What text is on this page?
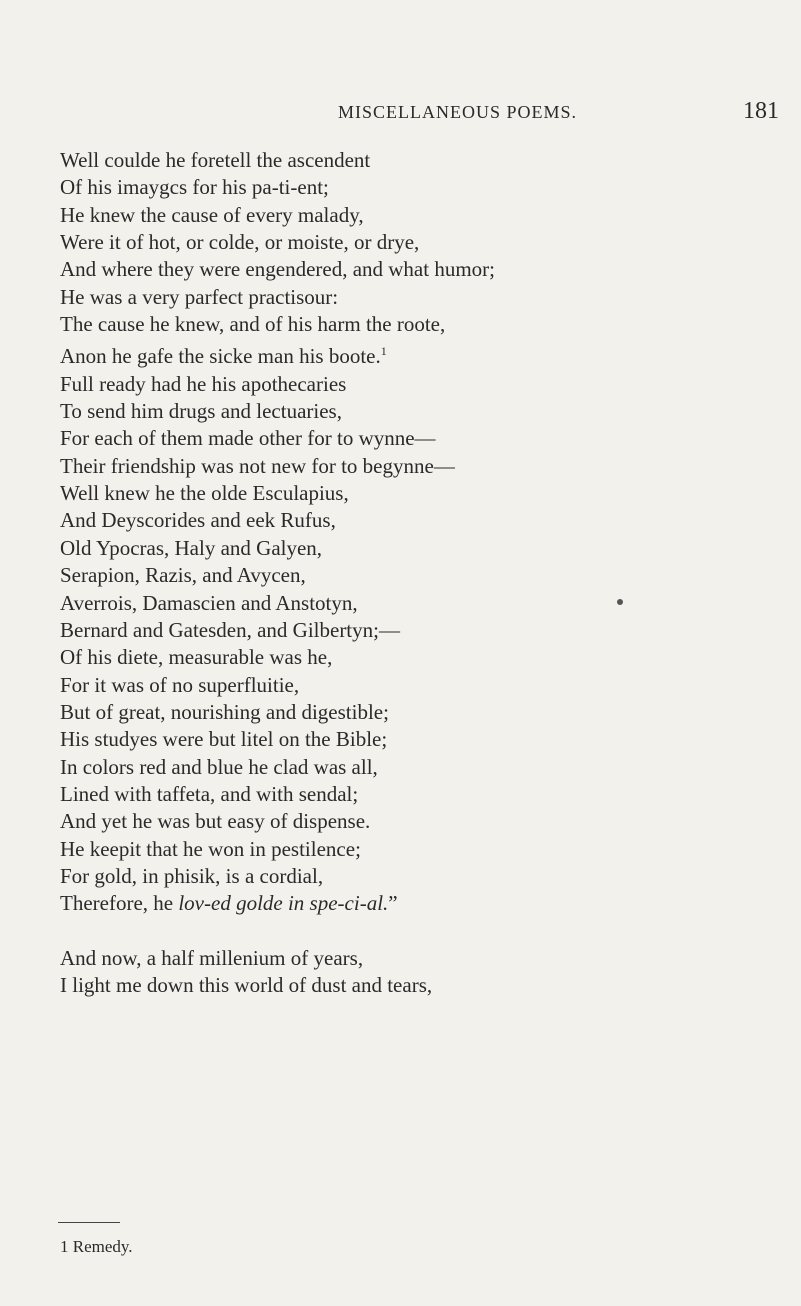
MISCELLANEOUS POEMS.	181
Well coulde he foretell the ascendent
Of his imaygcs for his pa-ti-ent;
He knew the cause of every malady,
Were it of hot, or colde, or moiste, or drye,
And where they were engendered, and what humor;
He was a very parfect practisour:
The cause he knew, and of his harm the roote,
Anon he gafe the sicke man his boote.$^1$
Full ready had he his apothecaries
To send him drugs and lectuaries,
For each of them made other for to wynne—
Their friendship was not new for to begynne—
Well knew he the olde Esculapius,
And Deyscorides and eek Rufus,
Old Ypocras, Haly and Galyen,
Serapion, Razis, and Avycen,
Averrois, Damascien and Anstotyn,
Bernard and Gatesden, and Gilbertyn;—
Of his diete, measurable was he,
For it was of no superfluitie,
But of great, nourishing and digestible;
His studyes were but litel on the Bible;
In colors red and blue he clad was all,
Lined with taffeta, and with sendal;
And yet he was but easy of dispense.
He keepit that he won in pestilence;
For gold, in phisik, is a cordial,
Therefore, he lov-ed golde in spe-ci-al.”
And now, a half millenium of years,
I light me down this world of dust and tears,
1 Remedy.
